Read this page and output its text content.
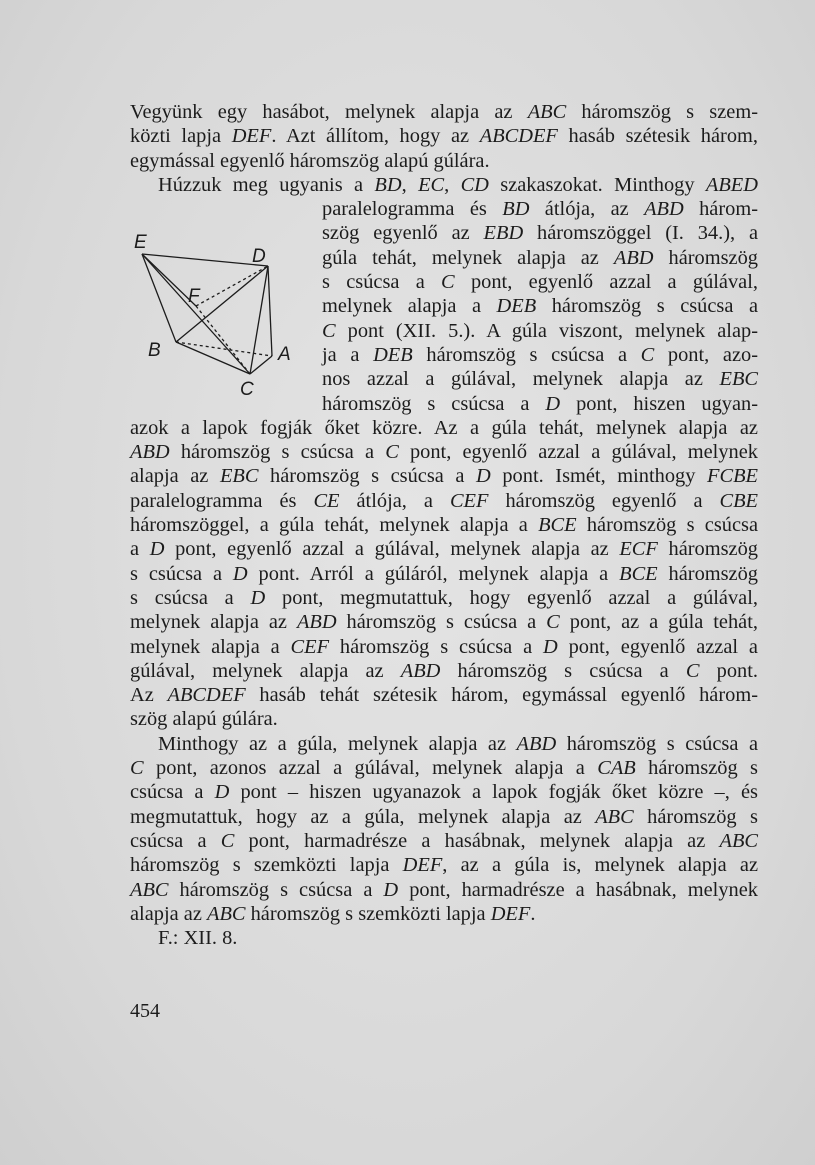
Vegyünk egy hasábot, melynek alapja az ABC háromszög s szem-
közti lapja DEF. Azt állítom, hogy az ABCDEF hasáb szétesik három,
egymással egyenlő háromszög alapú gúlára.
Húzzuk meg ugyanis a BD, EC, CD szakaszokat. Minthogy ABED
paralelogramma és BD átlója, az ABD három-
szög egyenlő az EBD háromszöggel (I. 34.), a
gúla tehát, melynek alapja az ABD háromszög
s csúcsa a C pont, egyenlő azzal a gúlával,
melynek alapja a DEB háromszög s csúcsa a
C pont (XII. 5.). A gúla viszont, melynek alap-
ja a DEB háromszög s csúcsa a C pont, azo-
nos azzal a gúlával, melynek alapja az EBC
háromszög s csúcsa a D pont, hiszen ugyan-
azok a lapok fogják őket közre. Az a gúla tehát, melynek alapja az
ABD háromszög s csúcsa a C pont, egyenlő azzal a gúlával, melynek
alapja az EBC háromszög s csúcsa a D pont. Ismét, minthogy FCBE
paralelogramma és CE átlója, a CEF háromszög egyenlő a CBE
háromszöggel, a gúla tehát, melynek alapja a BCE háromszög s csúcsa
a D pont, egyenlő azzal a gúlával, melynek alapja az ECF háromszög
s csúcsa a D pont. Arról a gúláról, melynek alapja a BCE háromszög
s csúcsa a D pont, megmutattuk, hogy egyenlő azzal a gúlával,
melynek alapja az ABD háromszög s csúcsa a C pont, az a gúla tehát,
melynek alapja a CEF háromszög s csúcsa a D pont, egyenlő azzal a
gúlával, melynek alapja az ABD háromszög s csúcsa a C pont.
Az ABCDEF hasáb tehát szétesik három, egymással egyenlő három-
szög alapú gúlára.
Minthogy az a gúla, melynek alapja az ABD háromszög s csúcsa a
C pont, azonos azzal a gúlával, melynek alapja a CAB háromszög s
csúcsa a D pont – hiszen ugyanazok a lapok fogják őket közre –, és
megmutattuk, hogy az a gúla, melynek alapja az ABC háromszög s
csúcsa a C pont, harmadrésze a hasábnak, melynek alapja az ABC
háromszög s szemközti lapja DEF, az a gúla is, melynek alapja az
ABC háromszög s csúcsa a D pont, harmadrésze a hasábnak, melynek
alapja az ABC háromszög s szemközti lapja DEF.
F.: XII. 8.
E
D
F
B	A
C
454
